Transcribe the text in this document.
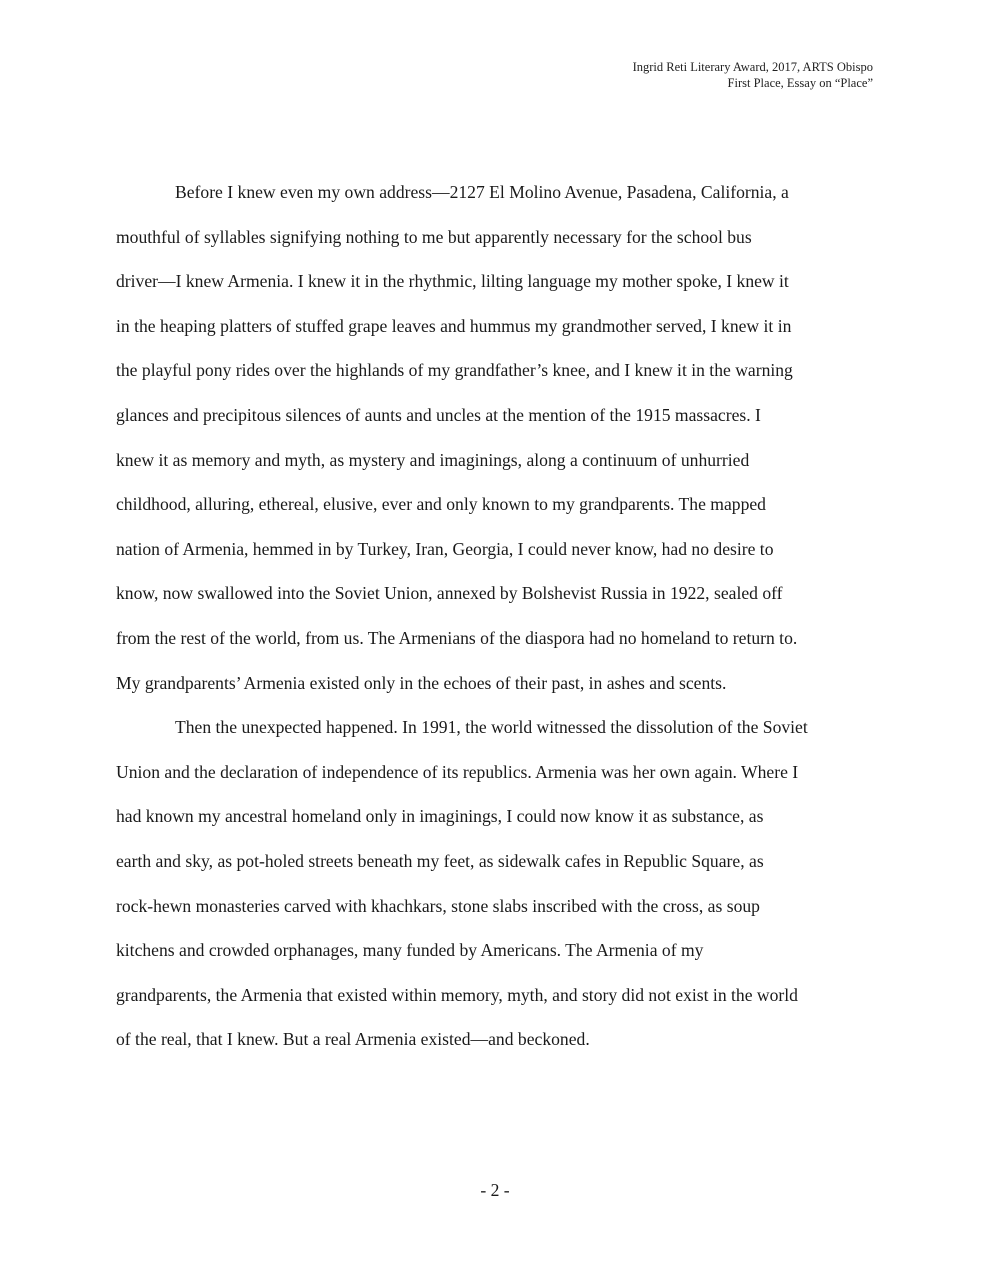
Ingrid Reti Literary Award, 2017, ARTS Obispo
First Place, Essay on “Place”
Before I knew even my own address—2127 El Molino Avenue, Pasadena, California, a
mouthful of syllables signifying nothing to me but apparently necessary for the school bus
driver—I knew Armenia. I knew it in the rhythmic, lilting language my mother spoke, I knew it
in the heaping platters of stuffed grape leaves and hummus my grandmother served, I knew it in
the playful pony rides over the highlands of my grandfather’s knee, and I knew it in the warning
glances and precipitous silences of aunts and uncles at the mention of the 1915 massacres. I
knew it as memory and myth, as mystery and imaginings, along a continuum of unhurried
childhood, alluring, ethereal, elusive, ever and only known to my grandparents. The mapped
nation of Armenia, hemmed in by Turkey, Iran, Georgia, I could never know, had no desire to
know, now swallowed into the Soviet Union, annexed by Bolshevist Russia in 1922, sealed off
from the rest of the world, from us. The Armenians of the diaspora had no homeland to return to.
My grandparents’ Armenia existed only in the echoes of their past, in ashes and scents.
Then the unexpected happened. In 1991, the world witnessed the dissolution of the Soviet
Union and the declaration of independence of its republics. Armenia was her own again. Where I
had known my ancestral homeland only in imaginings, I could now know it as substance, as
earth and sky, as pot-holed streets beneath my feet, as sidewalk cafes in Republic Square, as
rock-hewn monasteries carved with khachkars, stone slabs inscribed with the cross, as soup
kitchens and crowded orphanages, many funded by Americans. The Armenia of my
grandparents, the Armenia that existed within memory, myth, and story did not exist in the world
of the real, that I knew. But a real Armenia existed—and beckoned.
- 2 -
